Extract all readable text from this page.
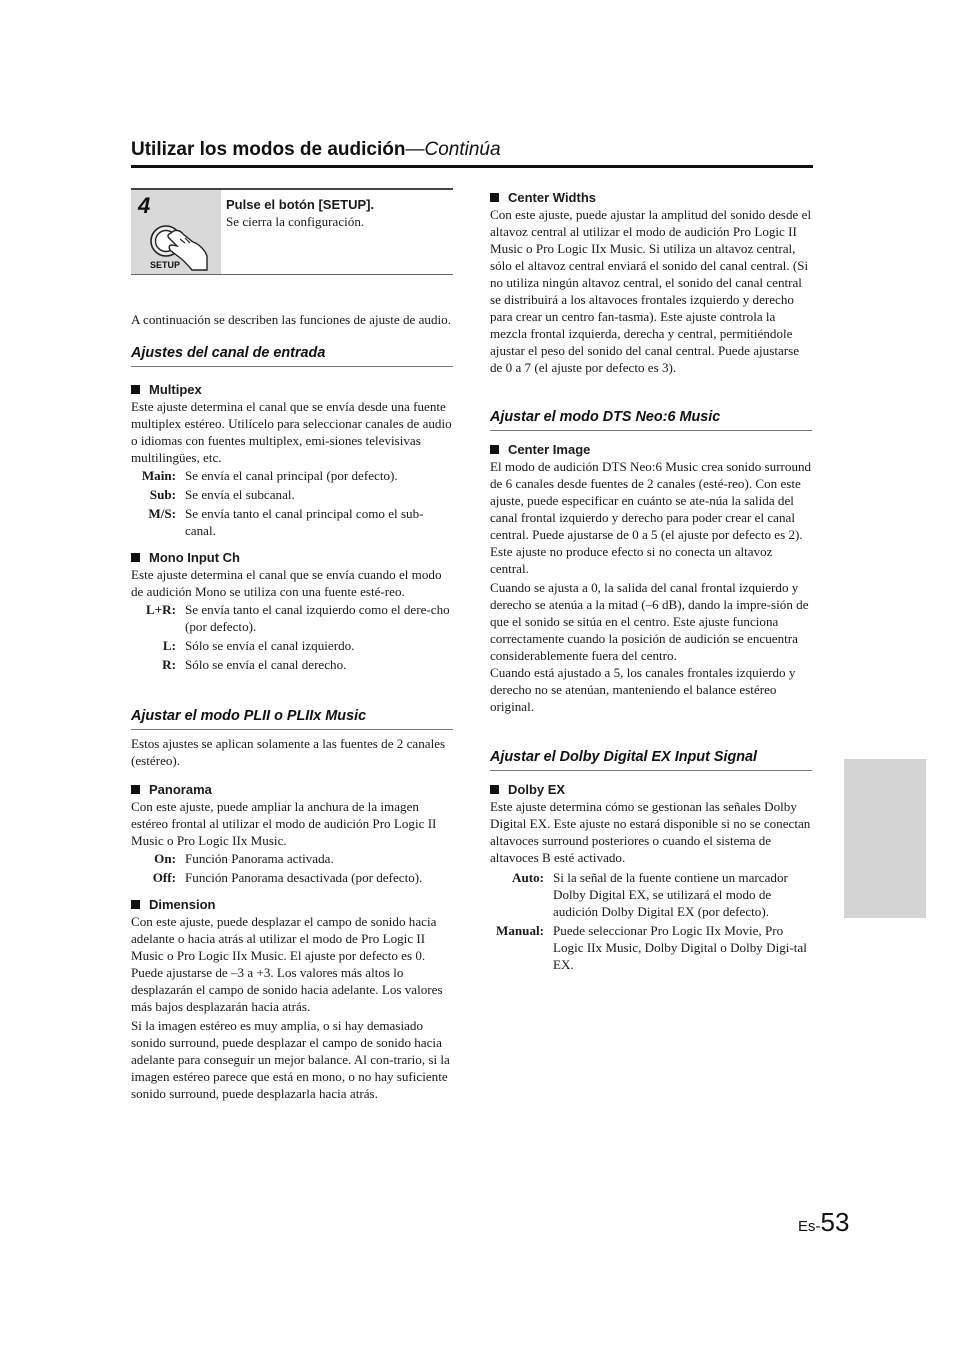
Utilizar los modos de audición—Continúa
4
SETUP
Pulse el botón [SETUP].

Se cierra la configuración.

A continuación se describen las funciones de ajuste de audio.

Ajustes del canal de entrada
Multipex

Este ajuste determina el canal que se envía desde una fuente multiplex estéreo. Utilícelo para seleccionar canales de audio o idiomas con fuentes multiplex, emi-siones televisivas multilingües, etc.

Main: Se envía el canal principal (por defecto).
Sub: Se envía el subcanal.
M/S: Se envía tanto el canal principal como el sub-canal.
Mono Input Ch

Este ajuste determina el canal que se envía cuando el modo de audición Mono se utiliza con una fuente esté-reo.

L+R: Se envía tanto el canal izquierdo como el dere-cho (por defecto).
L: Sólo se envía el canal izquierdo.
R: Sólo se envía el canal derecho.
Ajustar el modo PLII o PLIIx Music

Estos ajustes se aplican solamente a las fuentes de 2 canales (estéreo).

Panorama

Con este ajuste, puede ampliar la anchura de la imagen estéreo frontal al utilizar el modo de audición Pro Logic II Music o Pro Logic IIx Music.

On: Función Panorama activada.
Off: Función Panorama desactivada (por defecto).
Dimension

Con este ajuste, puede desplazar el campo de sonido hacia adelante o hacia atrás al utilizar el modo de Pro Logic II Music o Pro Logic IIx Music. El ajuste por defecto es 0. Puede ajustarse de –3 a +3. Los valores más altos lo desplazarán el campo de sonido hacia adelante. Los valores más bajos desplazarán hacia atrás.

Si la imagen estéreo es muy amplia, o si hay demasiado sonido surround, puede desplazar el campo de sonido hacia adelante para conseguir un mejor balance. Al con-trario, si la imagen estéreo parece que está en mono, o no hay suficiente sonido surround, puede desplazarla hacia atrás.

Center Widths

Con este ajuste, puede ajustar la amplitud del sonido desde el altavoz central al utilizar el modo de audición Pro Logic II Music o Pro Logic IIx Music. Si utiliza un altavoz central, sólo el altavoz central enviará el sonido del canal central. (Si no utiliza ningún altavoz central, el sonido del canal central se distribuirá a los altavoces frontales izquierdo y derecho para crear un centro fan-tasma). Este ajuste controla la mezcla frontal izquierda, derecha y central, permitiéndole ajustar el peso del sonido del canal central. Puede ajustarse de 0 a 7 (el ajuste por defecto es 3).

Ajustar el modo DTS Neo:6 Music
Center Image

El modo de audición DTS Neo:6 Music crea sonido surround de 6 canales desde fuentes de 2 canales (esté-reo). Con este ajuste, puede especificar en cuánto se ate-núa la salida del canal frontal izquierdo y derecho para poder crear el canal central. Puede ajustarse de 0 a 5 (el ajuste por defecto es 2). Este ajuste no produce efecto si no conecta un altavoz central.

Cuando se ajusta a 0, la salida del canal frontal izquierdo y derecho se atenúa a la mitad (–6 dB), dando la impre-sión de que el sonido se sitúa en el centro. Este ajuste funciona correctamente cuando la posición de audición se encuentra considerablemente fuera del centro.

Cuando está ajustado a 5, los canales frontales izquierdo y derecho no se atenúan, manteniendo el balance estéreo original.

Ajustar el Dolby Digital EX Input Signal
Dolby EX

Este ajuste determina cómo se gestionan las señales Dolby Digital EX. Este ajuste no estará disponible si no se conectan altavoces surround posteriores o cuando el sistema de altavoces B esté activado.

Auto: Si la señal de la fuente contiene un marcador Dolby Digital EX, se utilizará el modo de audición Dolby Digital EX (por defecto).
Manual: Puede seleccionar Pro Logic IIx Movie, Pro Logic IIx Music, Dolby Digital o Dolby Digi-tal EX.
Es-53
